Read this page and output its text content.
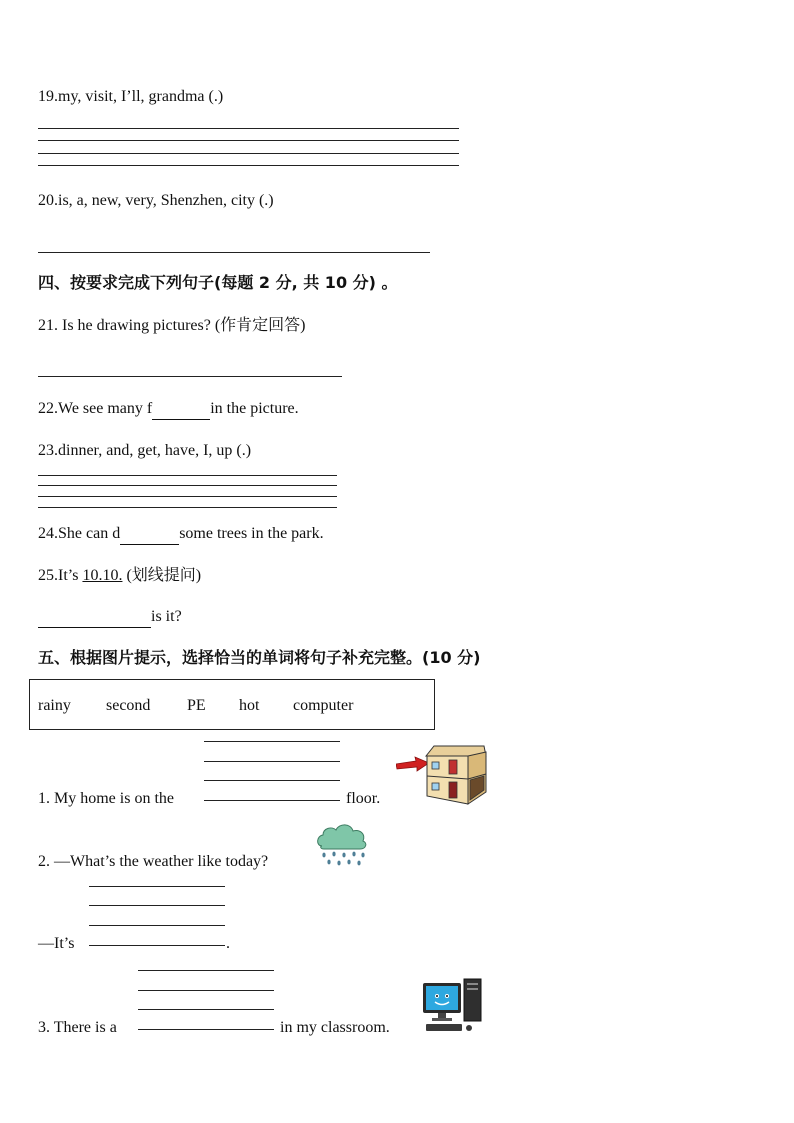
19.my, visit, I’ll, grandma (.)
20.is, a, new, very, Shenzhen, city (.)
四、按要求完成下列句子(每题 2 分, 共 10 分) 。
21. Is he drawing pictures? (作肯定回答)
22.We see many f	in the picture.
23.dinner, and, get, have, I, up (.)
24.She can d	some trees in the park.
25.It’s 10.10. (划线提问)
is it?
五、根据图片提示，选择恰当的单词将句子补充完整。(10 分)
rainy second PE hot computer
1. My home is on the	floor.
2. —What’s the weather like today?
—It’s	.
3. There is a	in my classroom.
